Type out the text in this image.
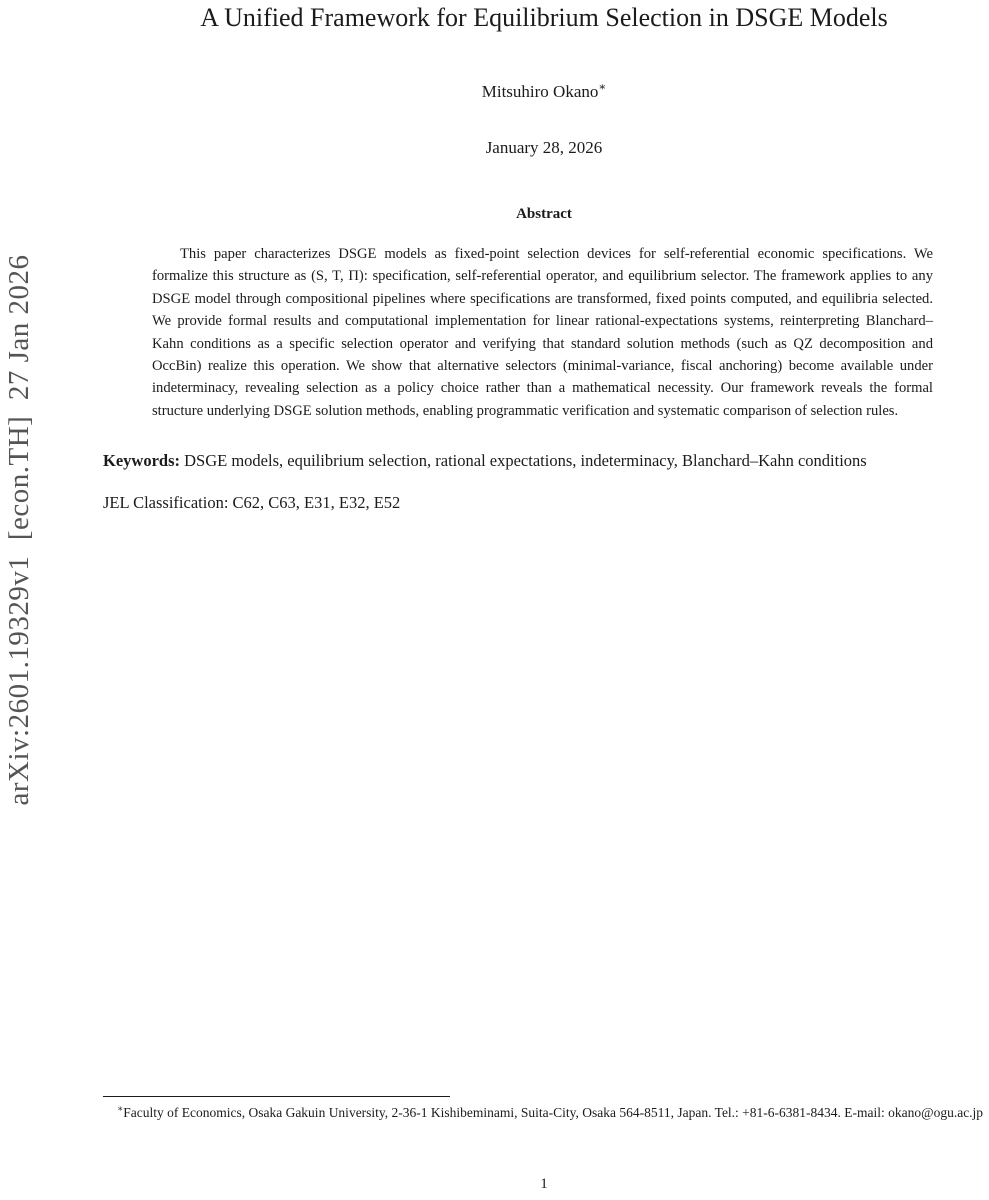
arXiv:2601.19329v1  [econ.TH]  27 Jan 2026
A Unified Framework for Equilibrium Selection in DSGE Models
Mitsuhiro Okano∗
January 28, 2026
Abstract

This paper characterizes DSGE models as fixed-point selection devices for self-referential economic specifications. We formalize this structure as (S, T, Π): specification, self-referential operator, and equilibrium selector. The framework applies to any DSGE model through compositional pipelines where specifications are transformed, fixed points computed, and equilibria selected. We provide formal results and computational implementation for linear rational-expectations systems, reinterpreting Blanchard–Kahn conditions as a specific selection operator and verifying that standard solution methods (such as QZ decomposition and OccBin) realize this operation. We show that alternative selectors (minimal-variance, fiscal anchoring) become available under indeterminacy, revealing selection as a policy choice rather than a mathematical necessity. Our framework reveals the formal structure underlying DSGE solution methods, enabling programmatic verification and systematic comparison of selection rules.

Keywords: DSGE models, equilibrium selection, rational expectations, indeterminacy, Blanchard–Kahn conditions

JEL Classification: C62, C63, E31, E32, E52

∗Faculty of Economics, Osaka Gakuin University, 2-36-1 Kishibeminami, Suita-City, Osaka 564-8511, Japan. Tel.: +81-6-6381-8434. E-mail: okano@ogu.ac.jp

1
